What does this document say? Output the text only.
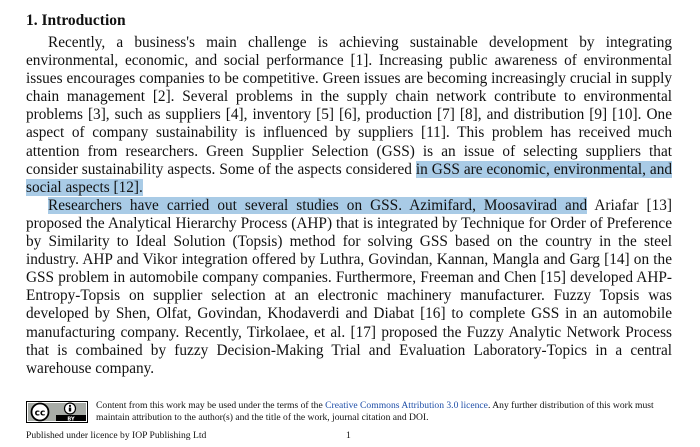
1. Introduction

Recently, a business's main challenge is achieving sustainable development by integrating environmental, economic, and social performance [1]. Increasing public awareness of environmental issues encourages companies to be competitive. Green issues are becoming increasingly crucial in supply chain management [2]. Several problems in the supply chain network contribute to environmental problems [3], such as suppliers [4], inventory [5] [6], production [7] [8], and distribution [9] [10]. One aspect of company sustainability is influenced by suppliers [11]. This problem has received much attention from researchers. Green Supplier Selection (GSS) is an issue of selecting suppliers that consider sustainability aspects. Some of the aspects considered in GSS are economic, environmental, and social aspects [12].

Researchers have carried out several studies on GSS. Azimifard, Moosavirad and Ariafar [13] proposed the Analytical Hierarchy Process (AHP) that is integrated by Technique for Order of Preference by Similarity to Ideal Solution (Topsis) method for solving GSS based on the country in the steel industry. AHP and Vikor integration offered by Luthra, Govindan, Kannan, Mangla and Garg [14] on the GSS problem in automobile company companies. Furthermore, Freeman and Chen [15] developed AHP-Entropy-Topsis on supplier selection at an electronic machinery manufacturer. Fuzzy Topsis was developed by Shen, Olfat, Govindan, Khodaverdi and Diabat [16] to complete GSS in an automobile manufacturing company. Recently, Tirkolaee, et al. [17] proposed the Fuzzy Analytic Network Process that is combained by fuzzy Decision-Making Trial and Evaluation Laboratory-Topics in a central warehouse company.

cc
BY
Content from this work may be used under the terms of the Creative Commons Attribution 3.0 licence. Any further distribution of this work must maintain attribution to the author(s) and the title of the work, journal citation and DOI.
Published under licence by IOP Publishing Ltd	1
